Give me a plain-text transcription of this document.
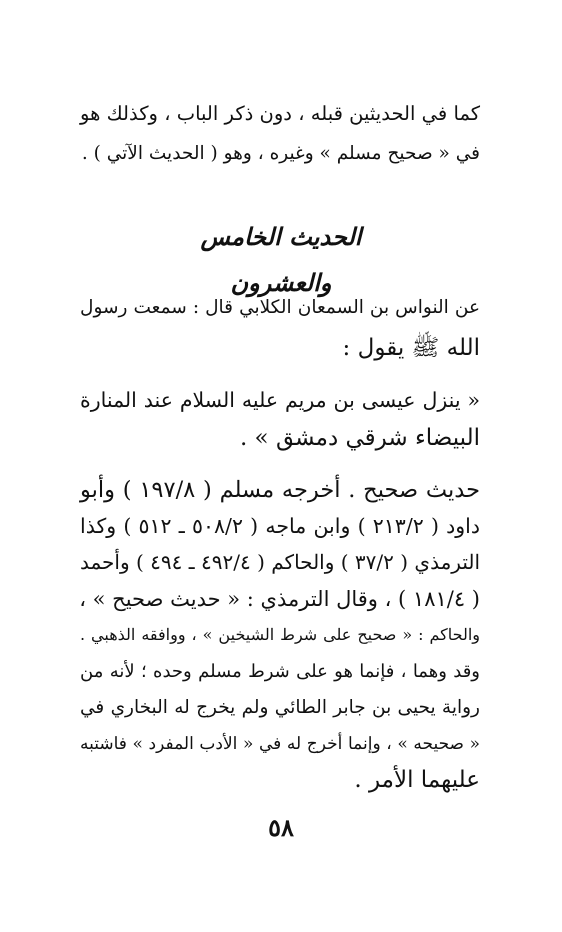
كما في الحديثين قبله ، دون ذكر الباب ، وكذلك هو
في « صحيح مسلم » وغيره ، وهو ( الحديث الآتي ) .
الحديث الخامس والعشرون
عن النواس بن السمعان الكلابي قال : سمعت رسول
الله ﷺ يقول :
« ينزل عيسى بن مريم عليه السلام عند المنارة
البيضاء شرقي دمشق » .
حديث صحيح . أخرجه مسلم ( ١٩٧/٨ ) وأبو
داود ( ٢١٣/٢ ) وابن ماجه ( ٥٠٨/٢ ـ ٥١٢ ) وكذا
الترمذي ( ٣٧/٢ ) والحاكم ( ٤٩٢/٤ ـ ٤٩٤ ) وأحمد
( ١٨١/٤ ) ، وقال الترمذي : « حديث صحيح » ،
والحاكم : « صحيح على شرط الشيخين » ، ووافقه الذهبي .
وقد وهما ، فإنما هو على شرط مسلم وحده ؛ لأنه من
رواية يحيى بن جابر الطائي ولم يخرج له البخاري في
« صحيحه » ، وإنما أخرج له في « الأدب المفرد » فاشتبه
عليهما الأمر .
٥٨
